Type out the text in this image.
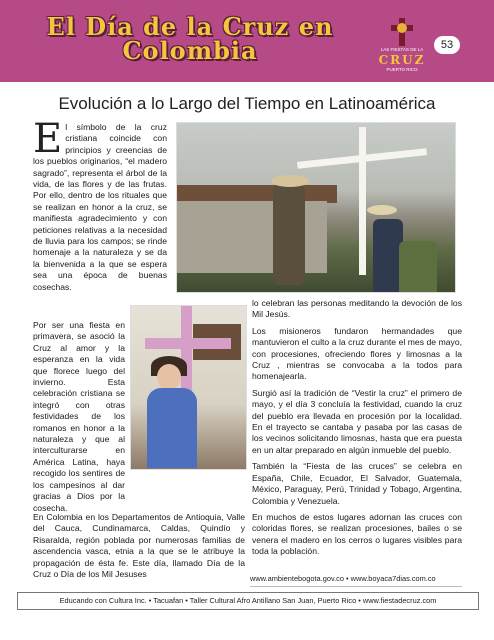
El Día de la Cruz en
Colombia	LAS FIESTAS DE LA
CRUZ
PUERTO RICO
53
Evolución a lo Largo del Tiempo en Latinoamérica

El símbolo de la cruz cristiana coincide con principios y creencias de los pueblos originarios, “el madero sagrado”, representa el árbol de la vida, de las flores y de las frutas. Por ello, dentro de los rituales que se realizan en honor a la cruz, se manifiesta agradecimiento y con peticiones relativas a la necesidad de lluvia para los campos; se rinde homenaje a la naturaleza y se da la bienvenida a la que se espera sea una época de buenas cosechas.

Por ser una fiesta en primavera, se asoció la Cruz al amor y la esperanza en la vida que florece luego del invierno. Esta celebración cristiana se integró con otras festividades de los romanos en honor a la naturaleza y que al interculturarse en América Latina, haya recogido los sentires de los campesinos al dar gracias a Dios por la cosecha.

En Colombia en los Departamentos de Antioquia, Valle del Cauca, Cundinamarca, Caldas, Quindío y Risaralda, región poblada por numerosas familias de ascendencia vasca, etnia a la que se le atribuye la propagación de ésta fe. Este día, llamado Día de la Cruz o Día de los Mil Jesuses

lo celebran las personas meditando la devoción de los Mil Jesús.

Los misioneros fundaron hermandades que mantuvieron el culto a la cruz durante el mes de mayo, con procesiones, ofreciendo flores y limosnas a la Cruz , mientras se convocaba a la todos para homenajearla.

Surgió así la tradición de “Vestir la cruz” el primero de mayo, y el día 3 concluía la festividad, cuando la cruz del pueblo era llevada en procesión por la localidad. En el trayecto se cantaba y pasaba por las casas de los vecinos solicitando limosnas, hasta que era puesta en un altar preparado en algún inmueble del pueblo.

También la “Fiesta de las cruces” se celebra en España, Chile, Ecuador, El Salvador, Guatemala, México, Paraguay, Perú, Trinidad y Tobago, Argentina, Colombia y Venezuela.

En muchos de estos lugares adornan las cruces con coloridas flores, se realizan procesiones, bailes o se venera el madero en los cerros o lugares visibles para toda la población.

www.ambientebogota.gov.co • www.boyaca7dias.com.co
Educando con Cultura Inc. • Tacuafan • Taller Cultural Afro Antillano San Juan, Puerto Rico • www.fiestadecruz.com
